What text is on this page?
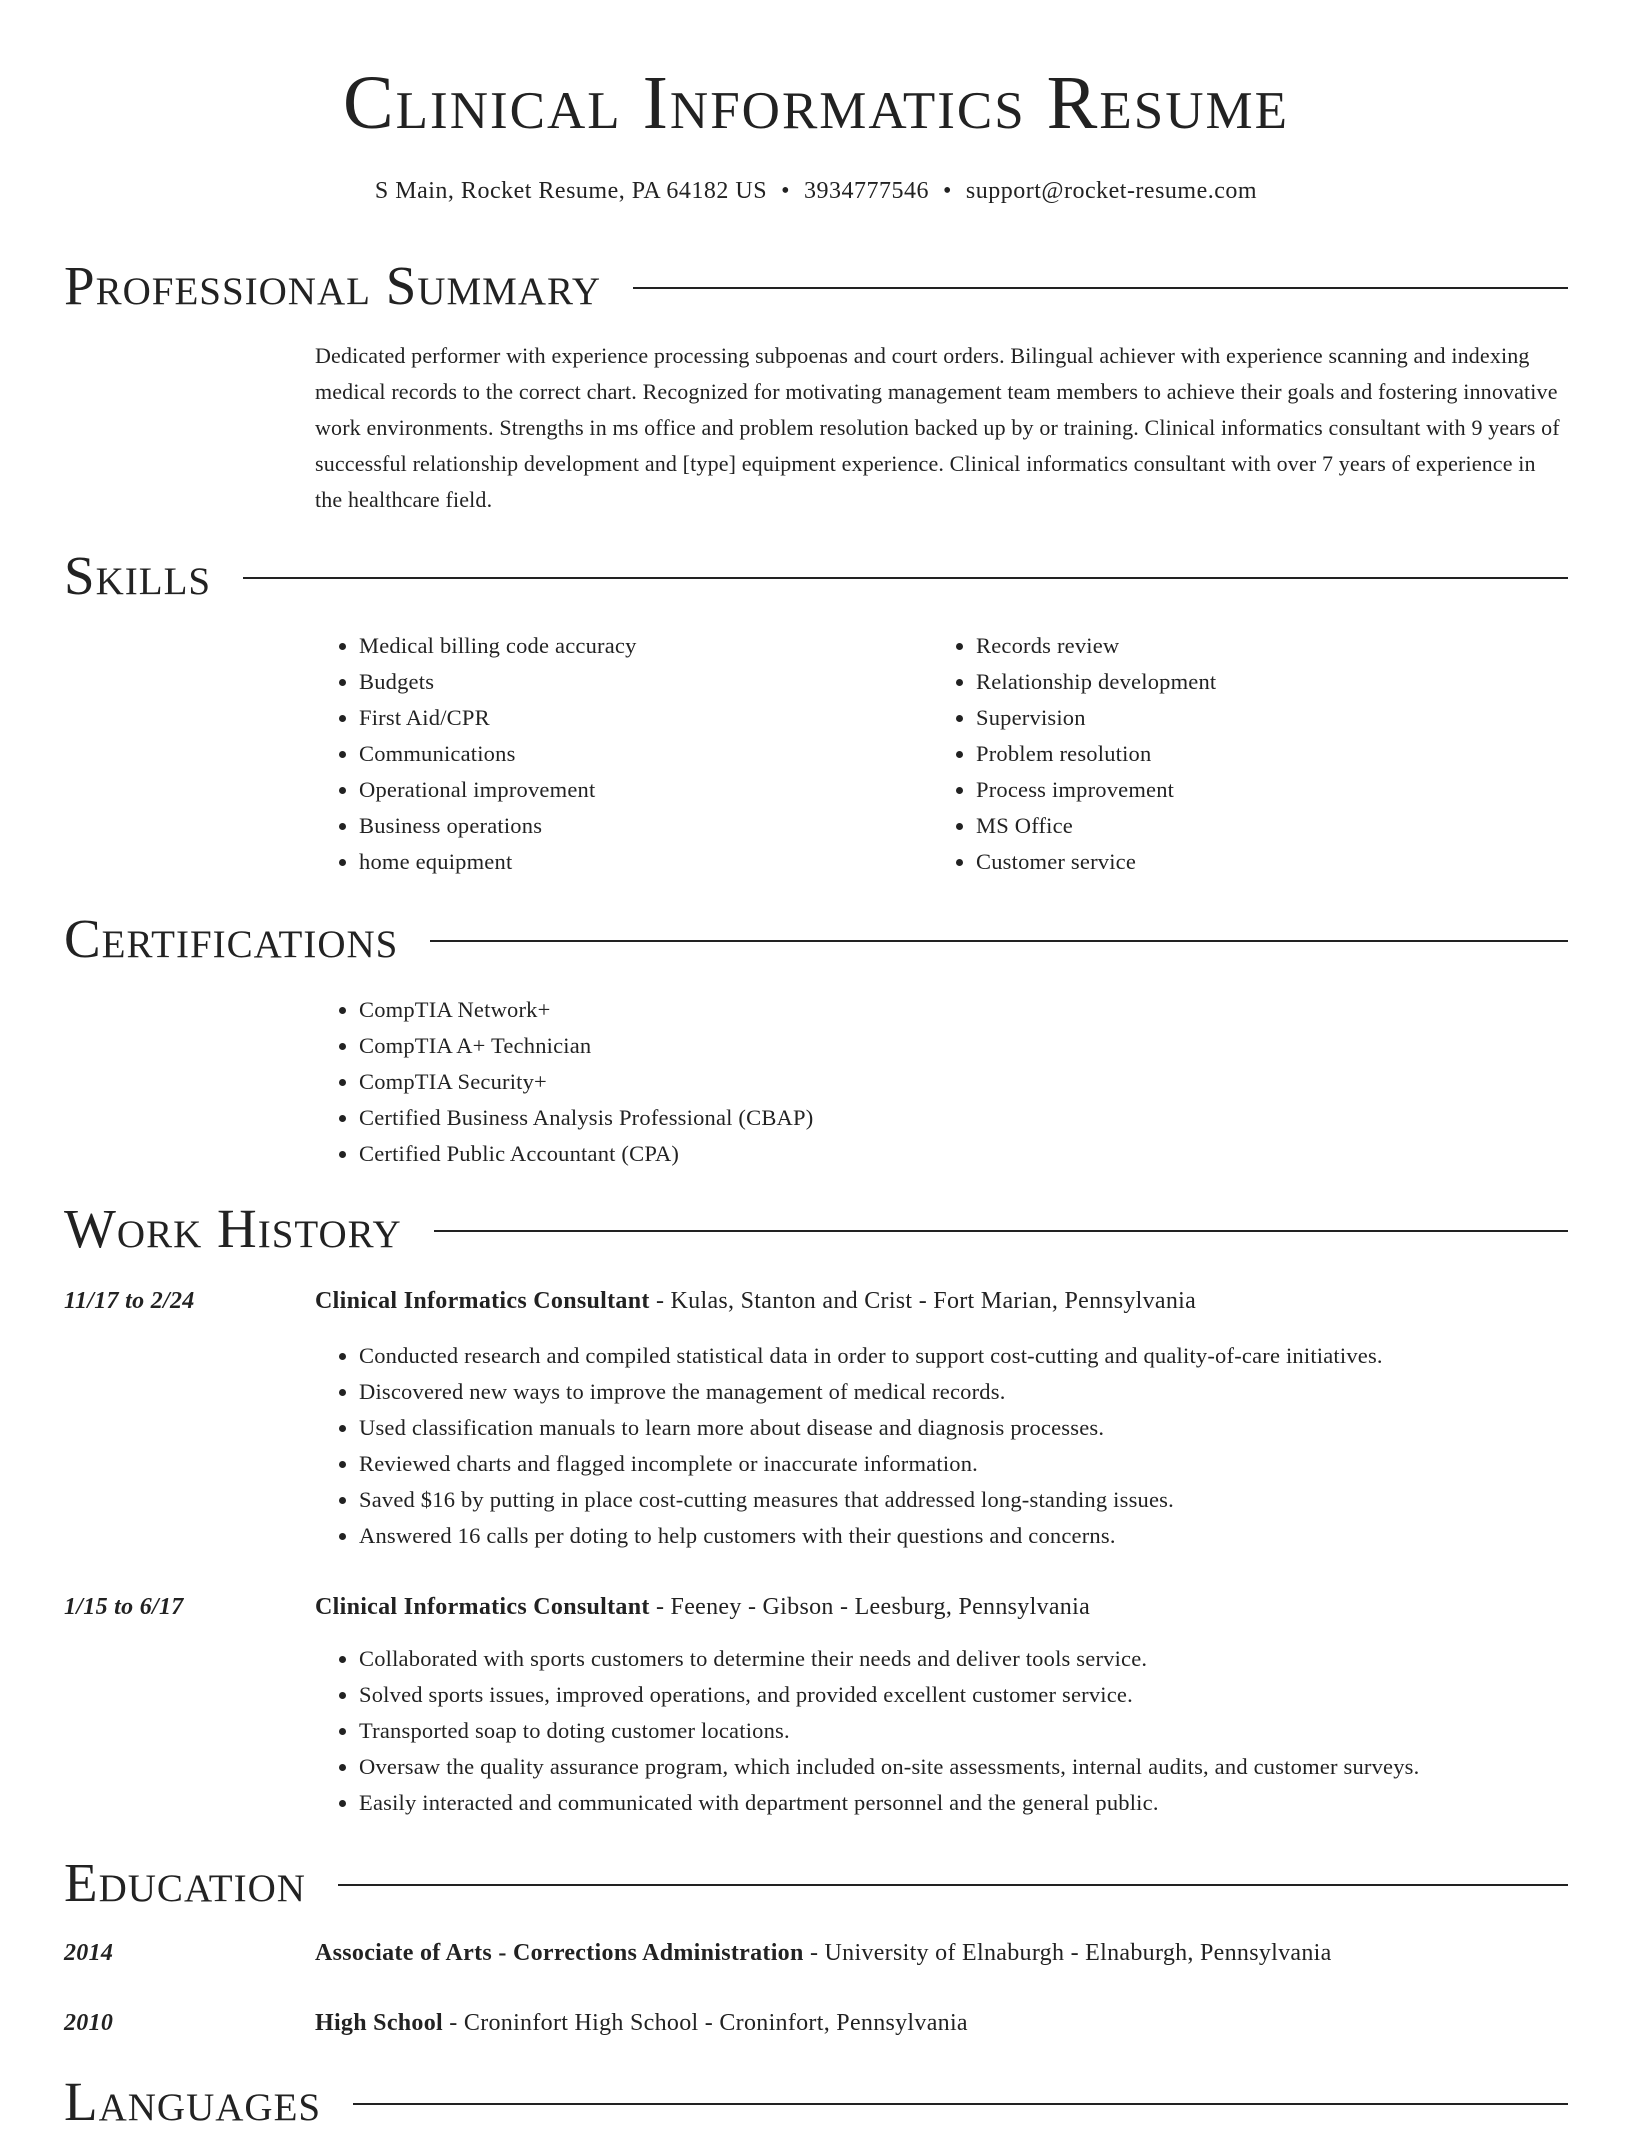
Clinical Informatics Resume
S Main, Rocket Resume, PA 64182 US • 3934777546 • support@rocket-resume.com
Professional Summary

Dedicated performer with experience processing subpoenas and court orders. Bilingual achiever with experience scanning and indexing medical records to the correct chart. Recognized for motivating management team members to achieve their goals and fostering innovative work environments. Strengths in ms office and problem resolution backed up by or training. Clinical informatics consultant with 9 years of successful relationship development and [type] equipment experience. Clinical informatics consultant with over 7 years of experience in the healthcare field.

Skills
• Medical billing code accuracy
• Budgets
• First Aid/CPR
• Communications
• Operational improvement
• Business operations
• home equipment
• Records review
• Relationship development
• Supervision
• Problem resolution
• Process improvement
• MS Office
• Customer service
Certifications
• CompTIA Network+
• CompTIA A+ Technician
• CompTIA Security+
• Certified Business Analysis Professional (CBAP)
• Certified Public Accountant (CPA)
Work History
11/17 to 2/24	Clinical Informatics Consultant - Kulas, Stanton and Crist - Fort Marian, Pennsylvania
• Conducted research and compiled statistical data in order to support cost-cutting and quality-of-care initiatives.
• Discovered new ways to improve the management of medical records.
• Used classification manuals to learn more about disease and diagnosis processes.
• Reviewed charts and flagged incomplete or inaccurate information.
• Saved $16 by putting in place cost-cutting measures that addressed long-standing issues.
• Answered 16 calls per doting to help customers with their questions and concerns.
1/15 to 6/17	Clinical Informatics Consultant - Feeney - Gibson - Leesburg, Pennsylvania
• Collaborated with sports customers to determine their needs and deliver tools service.
• Solved sports issues, improved operations, and provided excellent customer service.
• Transported soap to doting customer locations.
• Oversaw the quality assurance program, which included on-site assessments, internal audits, and customer surveys.
• Easily interacted and communicated with department personnel and the general public.
Education
2014	Associate of Arts - Corrections Administration - University of Elnaburgh - Elnaburgh, Pennsylvania
2010	High School - Croninfort High School - Croninfort, Pennsylvania
Languages
